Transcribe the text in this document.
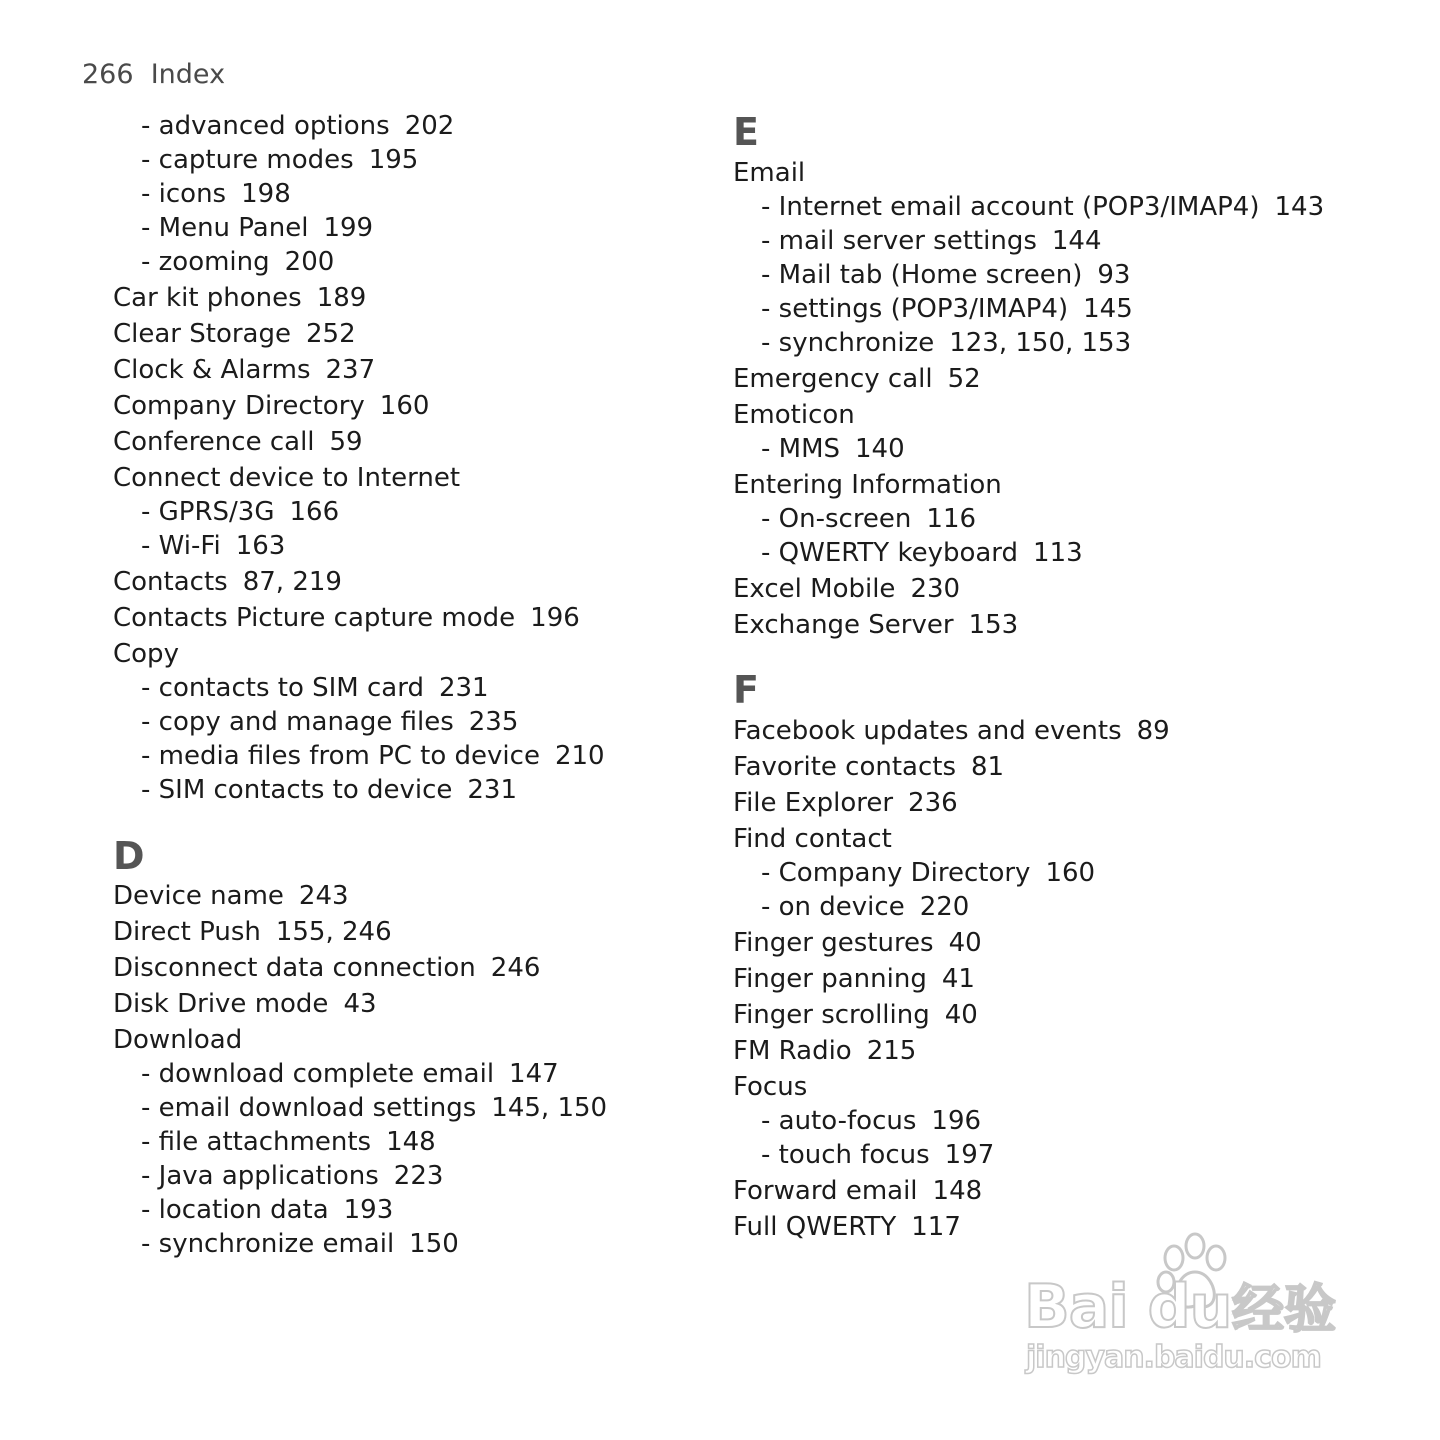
266 Index
- advanced options 202
- capture modes 195
- icons 198
- Menu Panel 199
- zooming 200
Car kit phones 189
Clear Storage 252
Clock & Alarms 237
Company Directory 160
Conference call 59
Connect device to Internet
- GPRS/3G 166
- Wi-Fi 163
Contacts 87, 219
Contacts Picture capture mode 196
Copy
- contacts to SIM card 231
- copy and manage files 235
- media files from PC to device 210
- SIM contacts to device 231
D
Device name 243
Direct Push 155, 246
Disconnect data connection 246
Disk Drive mode 43
Download
- download complete email 147
- email download settings 145, 150
- file attachments 148
- Java applications 223
- location data 193
- synchronize email 150
E
Email
- Internet email account (POP3/IMAP4) 143
- mail server settings 144
- Mail tab (Home screen) 93
- settings (POP3/IMAP4) 145
- synchronize 123, 150, 153
Emergency call 52
Emoticon
- MMS 140
Entering Information
- On-screen 116
- QWERTY keyboard 113
Excel Mobile 230
Exchange Server 153
F
Facebook updates and events 89
Favorite contacts 81
File Explorer 236
Find contact
- Company Directory 160
- on device 220
Finger gestures 40
Finger panning 41
Finger scrolling 40
FM Radio 215
Focus
- auto-focus 196
- touch focus 197
Forward email 148
Full QWERTY 117
Bai du 经验
jingyan.baidu.com
